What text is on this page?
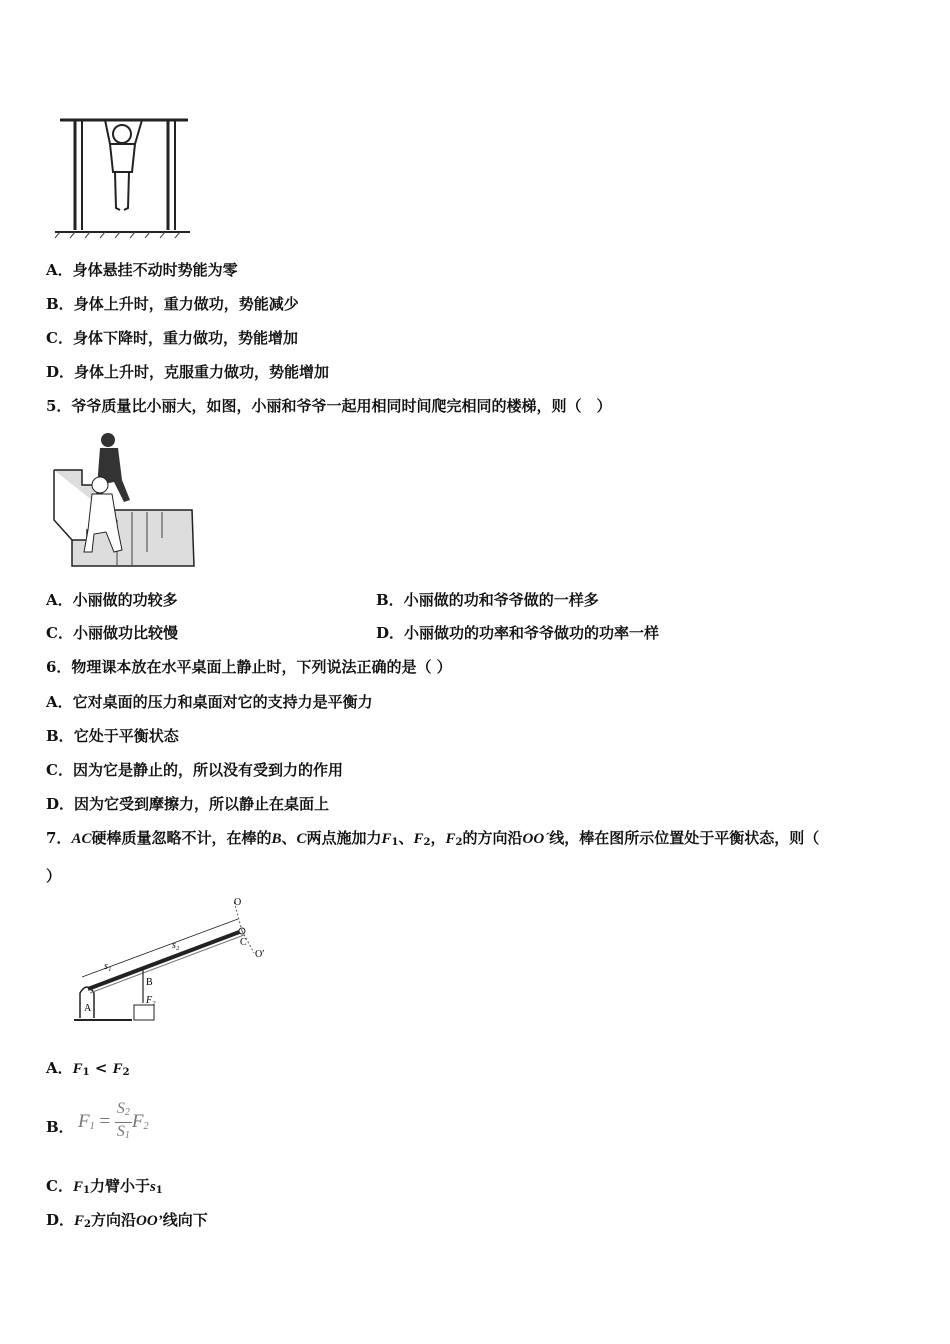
A．身体悬挂不动时势能为零
B．身体上升时，重力做功，势能减少
C．身体下降时，重力做功，势能增加
D．身体上升时，克服重力做功，势能增加
5．爷爷质量比小丽大，如图，小丽和爷爷一起用相同时间爬完相同的楼梯，则（　）
A．小丽做的功较多	B．小丽做的功和爷爷做的一样多
C．小丽做功比较慢	D．小丽做功的功率和爷爷做功的功率一样
6．物理课本放在水平桌面上静止时，下列说法正确的是（ ）
A．它对桌面的压力和桌面对它的支持力是平衡力
B．它处于平衡状态
C．因为它是静止的，所以没有受到力的作用
D．因为它受到摩擦力，所以静止在桌面上
7．AC硬棒质量忽略不计，在棒的B、C两点施加力$F_1$、$F_2$，$F_2$的方向沿OO´线，棒在图所示位置处于平衡状态，则（
）
s₁
s₂
O
O′
C
B
A
F₂
A．$F_1 < F_2$
B． $F_1 = \frac{S_2}{S_1} F_2$
C．$F_1$力臂小于$s_1$
D．$F_2$方向沿OO’线向下
